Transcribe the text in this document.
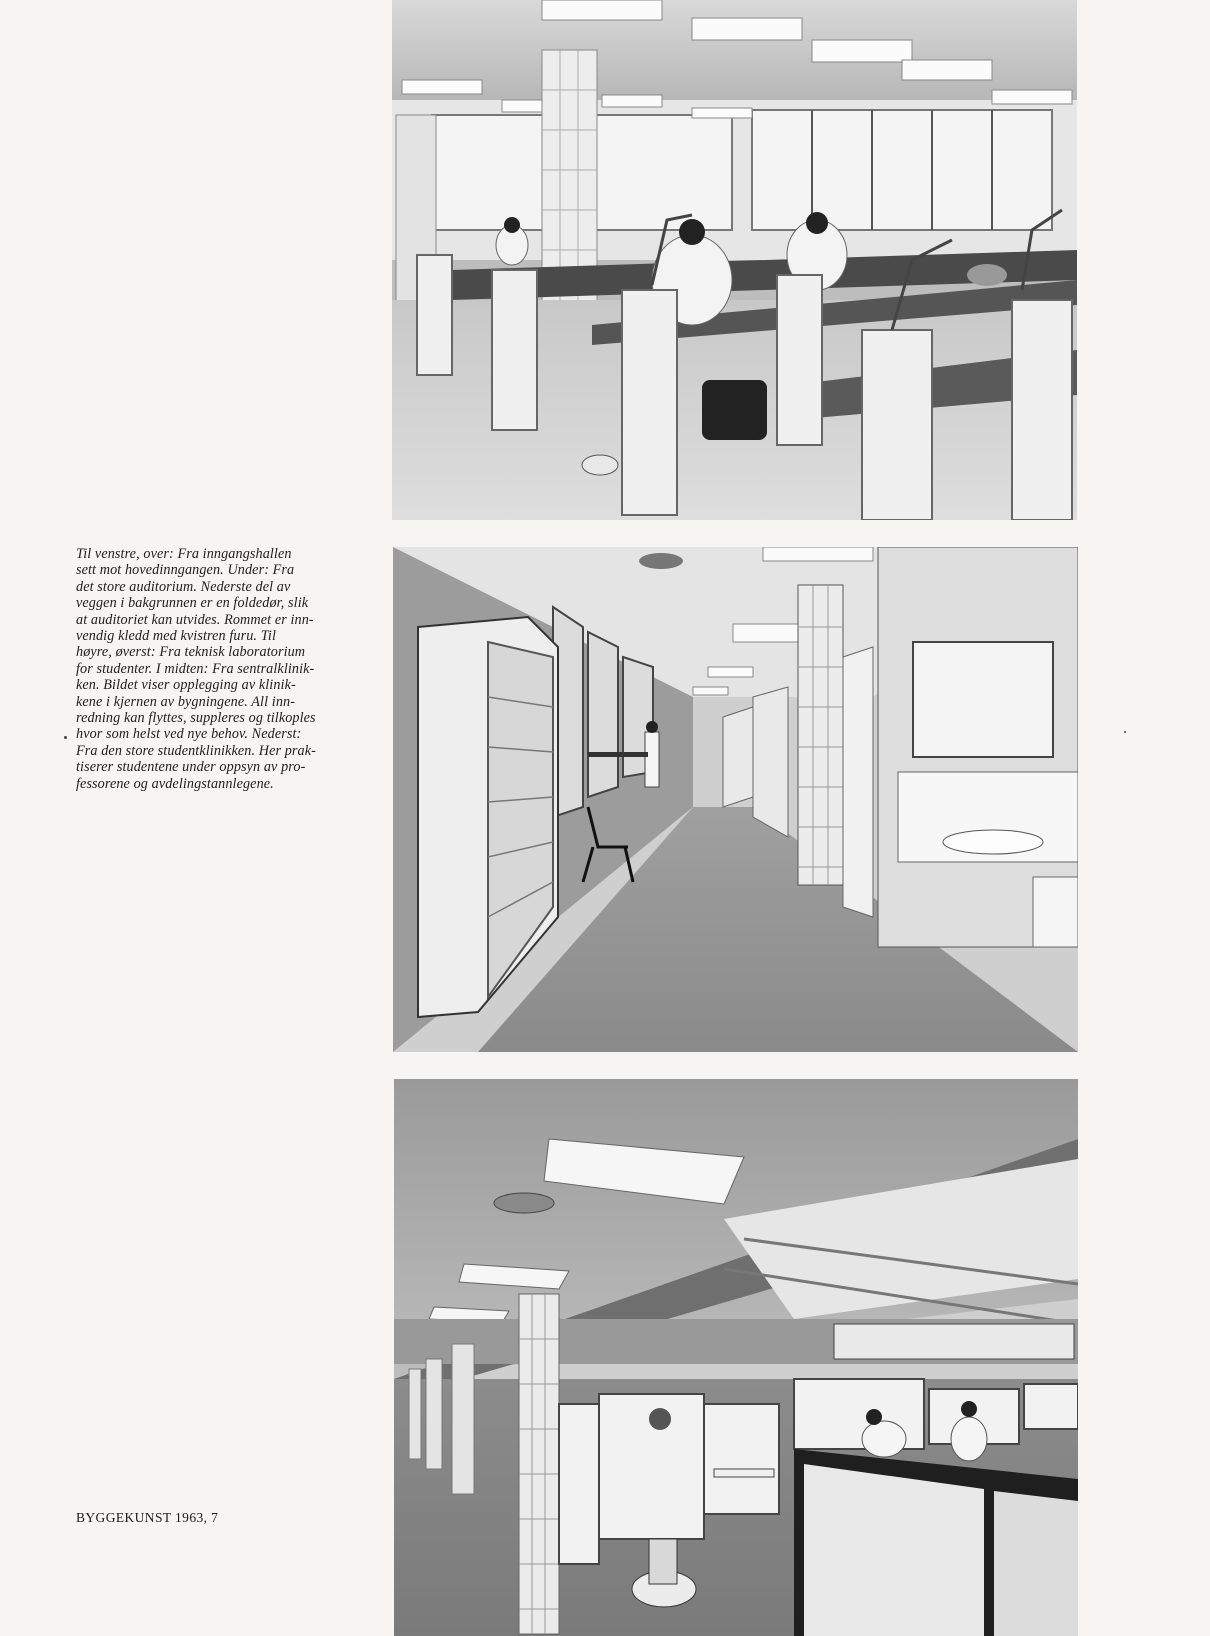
Til venstre, over: Fra inngangshallen
sett mot hovedinngangen. Under: Fra
det store auditorium. Nederste del av
veggen i bakgrunnen er en foldedør, slik
at auditoriet kan utvides. Rommet er inn-
vendig kledd med kvistren furu. Til
høyre, øverst: Fra teknisk laboratorium
for studenter. I midten: Fra sentralklinik-
ken. Bildet viser opplegging av klinik-
kene i kjernen av bygningene. All inn-
redning kan flyttes, suppleres og tilkoples
hvor som helst ved nye behov. Nederst:
Fra den store studentklinikken. Her prak-
tiserer studentene under oppsyn av pro-
fessorene og avdelingstannlegene.
BYGGEKUNST 1963, 7
